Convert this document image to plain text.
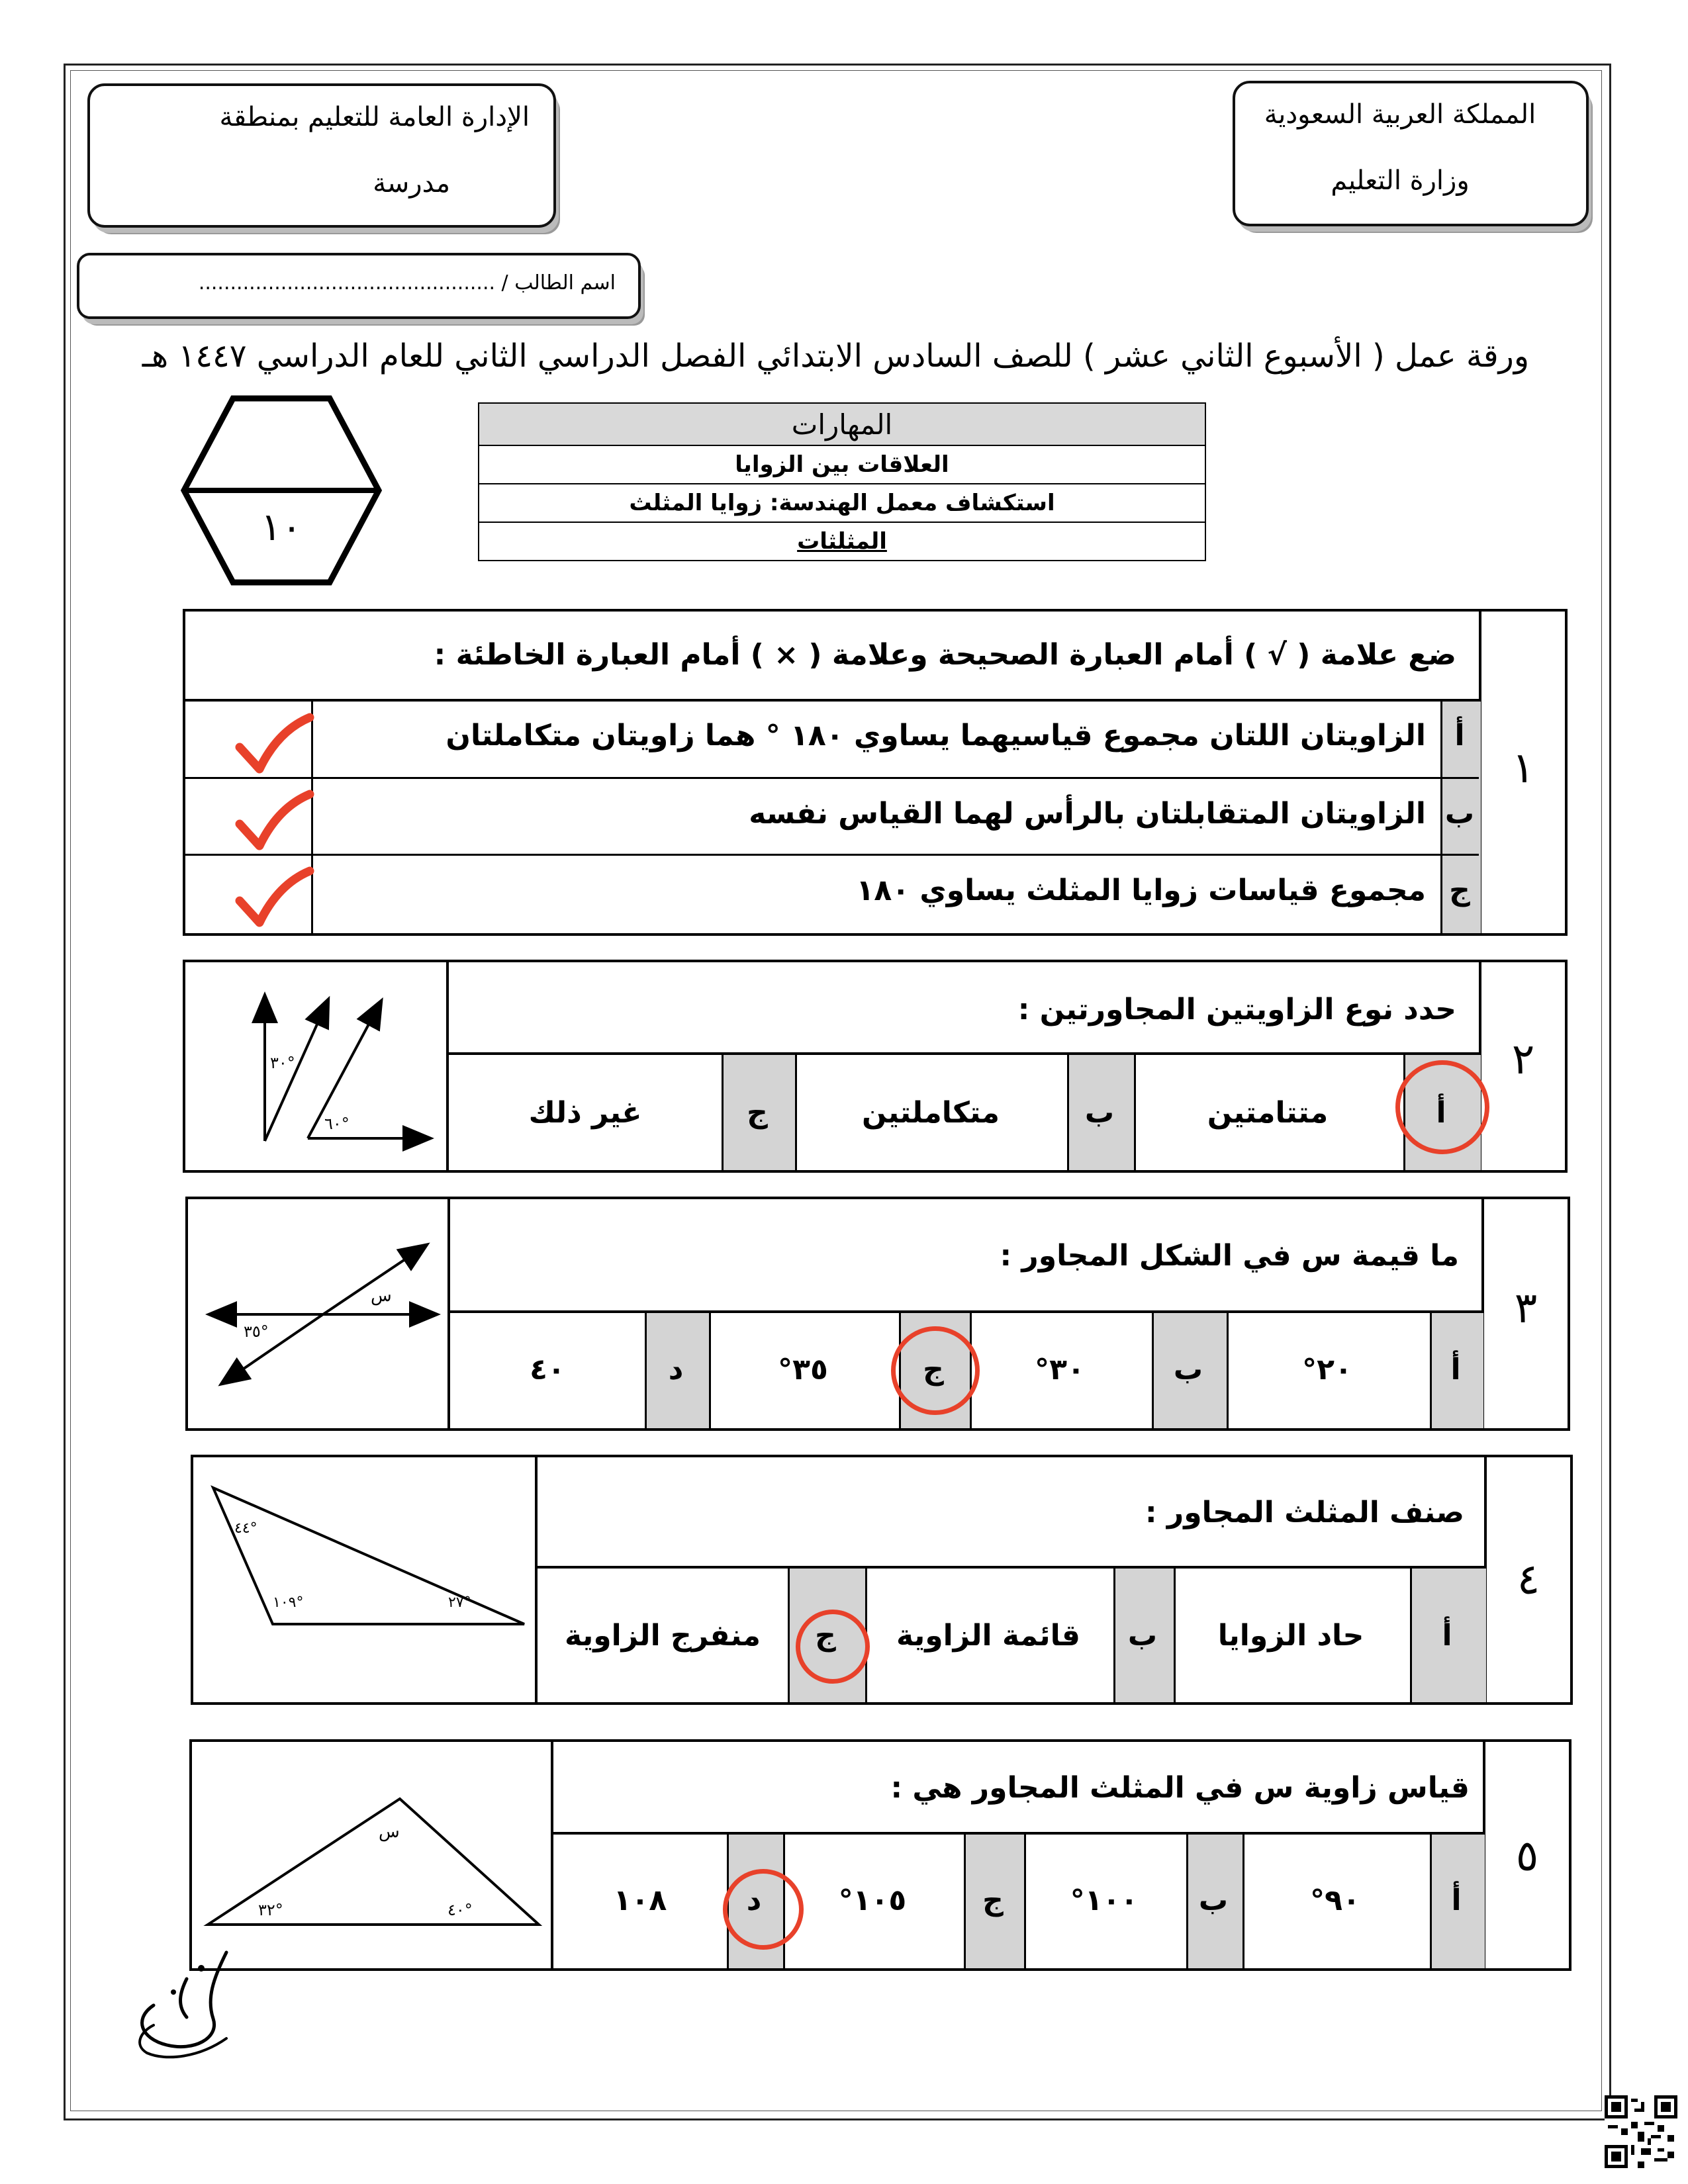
المملكة العربية السعودية
وزارة التعليم
الإدارة العامة للتعليم بمنطقة
مدرسة
اسم الطالب / ...............................................
ورقة عمل ( الأسبوع الثاني عشر ) للصف السادس الابتدائي الفصل الدراسي الثاني للعام الدراسي ١٤٤٧ هـ
١٠
المهارات
العلاقات بين الزوايا
استكشاف معمل الهندسة: زوايا المثلث
المثلثات
١
ضع علامة ( √ ) أمام العبارة الصحيحة وعلامة ( × ) أمام العبارة الخاطئة :
أ
الزاويتان اللتان مجموع قياسيهما يساوي ١٨٠ ° هما زاويتان متكاملتان
ب
الزاويتان المتقابلتان بالرأس لهما القياس نفسه
ج
مجموع قياسات زوايا المثلث يساوي ١٨٠
٢
حدد نوع الزاويتين المجاورتين :
أ
متتامتين
ب
متكاملتين
ج
غير ذلك
٣٠°
٦٠°
٣
ما قيمة س في الشكل المجاور :
أ
٢٠°
ب
٣٠°
ج
٣٥°
د
٤٠
س
٣٥°
٤
صنف المثلث المجاور :
أ
حاد الزوايا
ب
قائمة الزاوية
ج
منفرج الزاوية
٤٤°
١٠٩°	٢٧°
٥
قياس زاوية س في المثلث المجاور هي :
أ
٩٠°
ب
١٠٠°
ج
١٠٥°
د
١٠٨
س
٣٢°	٤٠°
